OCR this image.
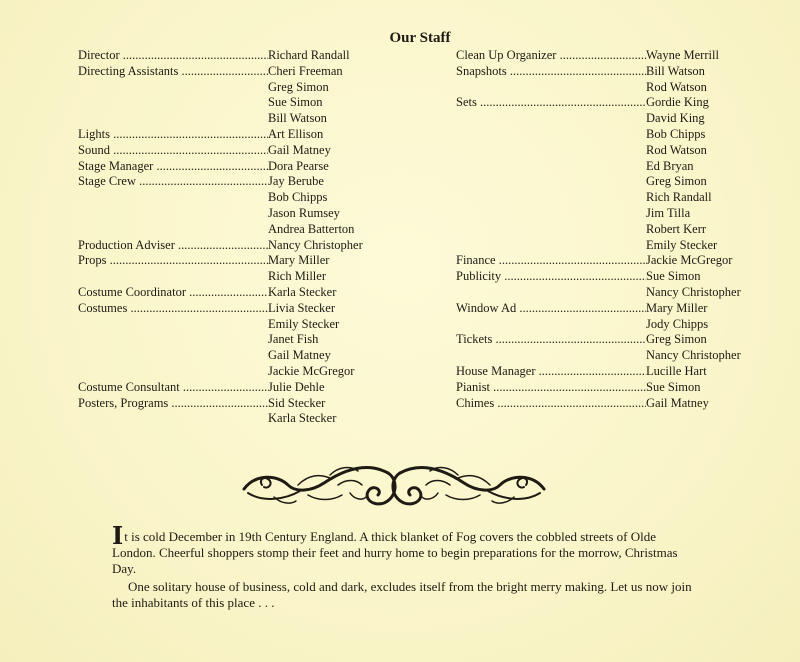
Our Staff
Director .....	Richard Randall
Directing Assistants .....	Cheri Freeman
Greg Simon
Sue Simon
Bill Watson
Lights .....	Art Ellison
Sound .....	Gail Matney
Stage Manager .....	Dora Pearse
Stage Crew .....	Jay Berube
Bob Chipps
Jason Rumsey
Andrea Batterton
Production Adviser .....	Nancy Christopher
Props .....	Mary Miller
Rich Miller
Costume Coordinator .....	Karla Stecker
Costumes .....	Livia Stecker
Emily Stecker
Janet Fish
Gail Matney
Jackie McGregor
Costume Consultant .....	Julie Dehle
Posters, Programs .....	Sid Stecker
Karla Stecker
Clean Up Organizer .....	Wayne Merrill
Snapshots .....	Bill Watson
Rod Watson
Sets .....	Gordie King
David King
Bob Chipps
Rod Watson
Ed Bryan
Greg Simon
Rich Randall
Jim Tilla
Robert Kerr
Emily Stecker
Finance .....	Jackie McGregor
Publicity .....	Sue Simon
Nancy Christopher
Window Ad .....	Mary Miller
Jody Chipps
Tickets .....	Greg Simon
Nancy Christopher
House Manager .....	Lucille Hart
Pianist .....	Sue Simon
Chimes .....	Gail Matney

It is cold December in 19th Century England. A thick blanket of Fog covers the cobbled streets of Olde London. Cheerful shoppers stomp their feet and hurry home to begin preparations for the morrow, Christmas Day.

One solitary house of business, cold and dark, excludes itself from the bright merry making. Let us now join the inhabitants of this place . . .
